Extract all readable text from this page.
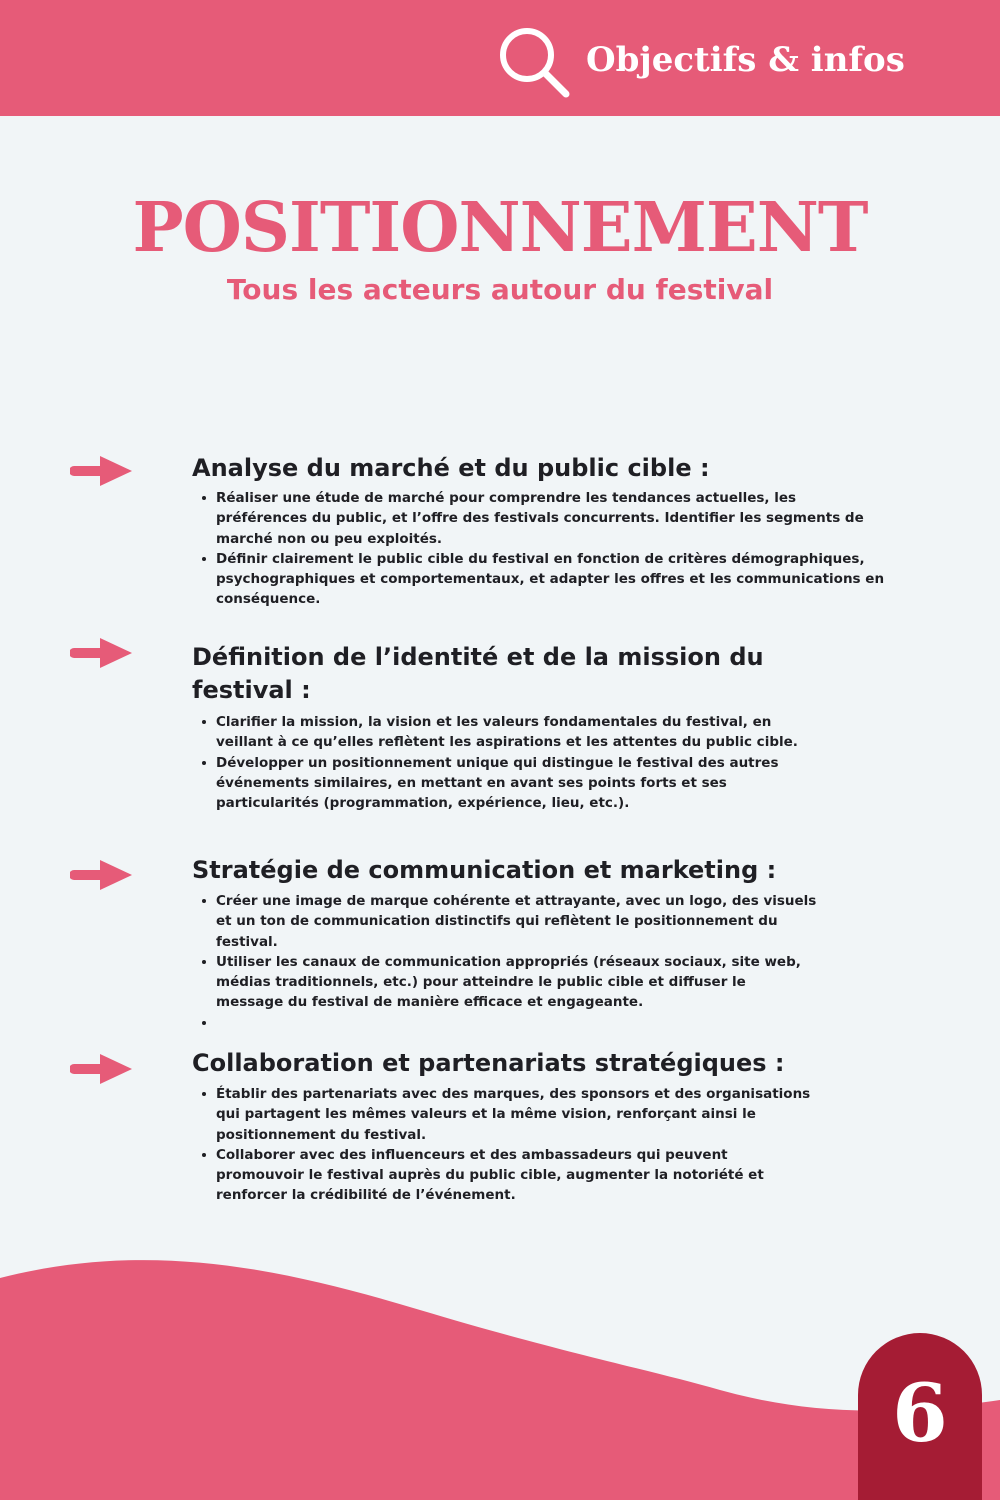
Objectifs & infos
POSITIONNEMENT
Tous les acteurs autour du festival
Analyse du marché et du public cible :
Réaliser une étude de marché pour comprendre les tendances actuelles, les préférences du public, et l’offre des festivals concurrents. Identifier les segments de marché non ou peu exploités.
Définir clairement le public cible du festival en fonction de critères démographiques, psychographiques et comportementaux, et adapter les offres et les communications en conséquence.
Définition de l’identité et de la mission du festival :
Clarifier la mission, la vision et les valeurs fondamentales du festival, en veillant à ce qu’elles reflètent les aspirations et les attentes du public cible.
Développer un positionnement unique qui distingue le festival des autres événements similaires, en mettant en avant ses points forts et ses particularités (programmation, expérience, lieu, etc.).
Stratégie de communication et marketing :
Créer une image de marque cohérente et attrayante, avec un logo, des visuels et un ton de communication distinctifs qui reflètent le positionnement du festival.
Utiliser les canaux de communication appropriés (réseaux sociaux, site web, médias traditionnels, etc.) pour atteindre le public cible et diffuser le message du festival de manière efficace et engageante.
Collaboration et partenariats stratégiques :
Établir des partenariats avec des marques, des sponsors et des organisations qui partagent les mêmes valeurs et la même vision, renforçant ainsi le positionnement du festival.
Collaborer avec des influenceurs et des ambassadeurs qui peuvent promouvoir le festival auprès du public cible, augmenter la notoriété et renforcer la crédibilité de l’événement.
6
